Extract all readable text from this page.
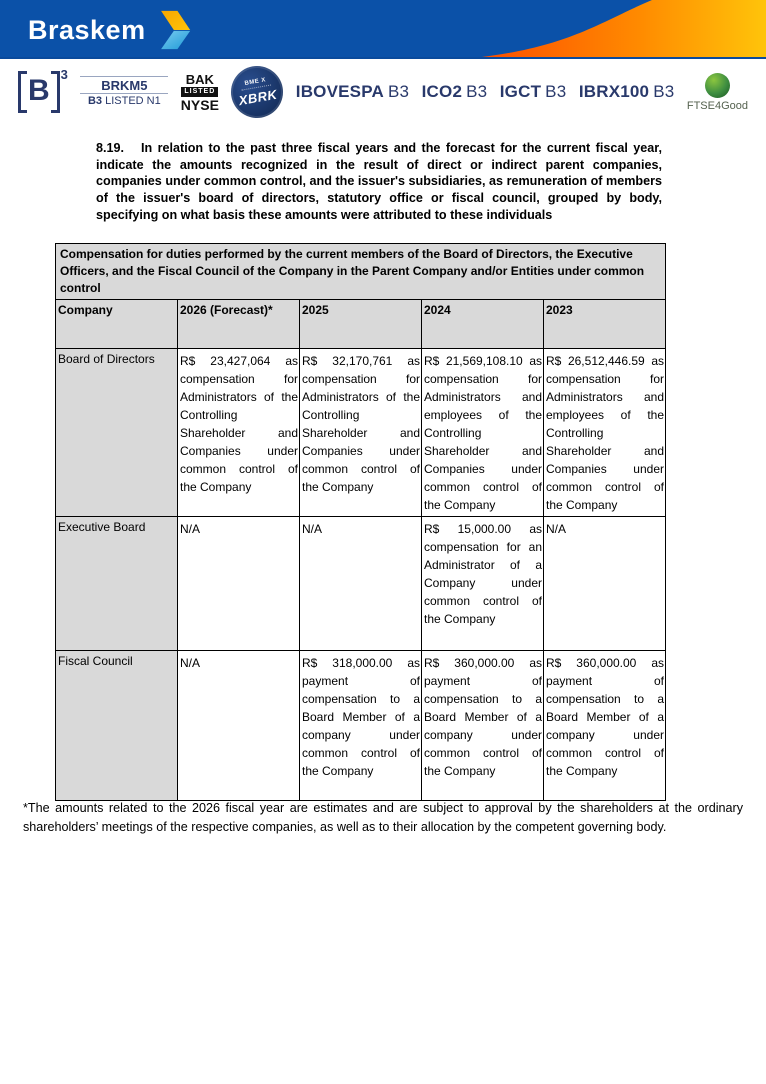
Braskem
B 3
BRKM5
B3 LISTED N1
BAK
LISTED
NYSE
BME X
XBRK IBOVESPA B3 ICO2 B3 IGCT B3 IBRX100 B3
FTSE4Good
8.19. In relation to the past three fiscal years and the forecast for the current fiscal year, indicate the amounts recognized in the result of direct or indirect parent companies, companies under common control, and the issuer's subsidiaries, as remuneration of members of the issuer's board of directors, statutory office or fiscal council, grouped by body, specifying on what basis these amounts were attributed to these individuals
Compensation for duties performed by the current members of the Board of Directors, the Executive Officers, and the Fiscal Council of the Company in the Parent Company and/or Entities under common control				
Company	2026 (Forecast)*	2025	2024	2023
Board of Directors	R$ 23,427,064 as compensation for Administrators of the Controlling Shareholder and Companies under common control of the Company	R$ 32,170,761 as compensation for Administrators of the Controlling Shareholder and Companies under common control of the Company	R$ 21,569,108.10 as compensation for Administrators and employees of the Controlling Shareholder and Companies under common control of the Company	R$ 26,512,446.59 as compensation for Administrators and employees of the Controlling Shareholder and Companies under common control of the Company
Executive Board	N/A	N/A	R$ 15,000.00 as compensation for an Administrator of a Company under common control of the Company	N/A
Fiscal Council	N/A	R$ 318,000.00 as payment of compensation to a Board Member of a company under common control of the Company	R$ 360,000.00 as payment of compensation to a Board Member of a company under common control of the Company	R$ 360,000.00 as payment of compensation to a Board Member of a company under common control of the Company
*The amounts related to the 2026 fiscal year are estimates and are subject to approval by the shareholders at the ordinary shareholders’ meetings of the respective companies, as well as to their allocation by the competent governing body.
